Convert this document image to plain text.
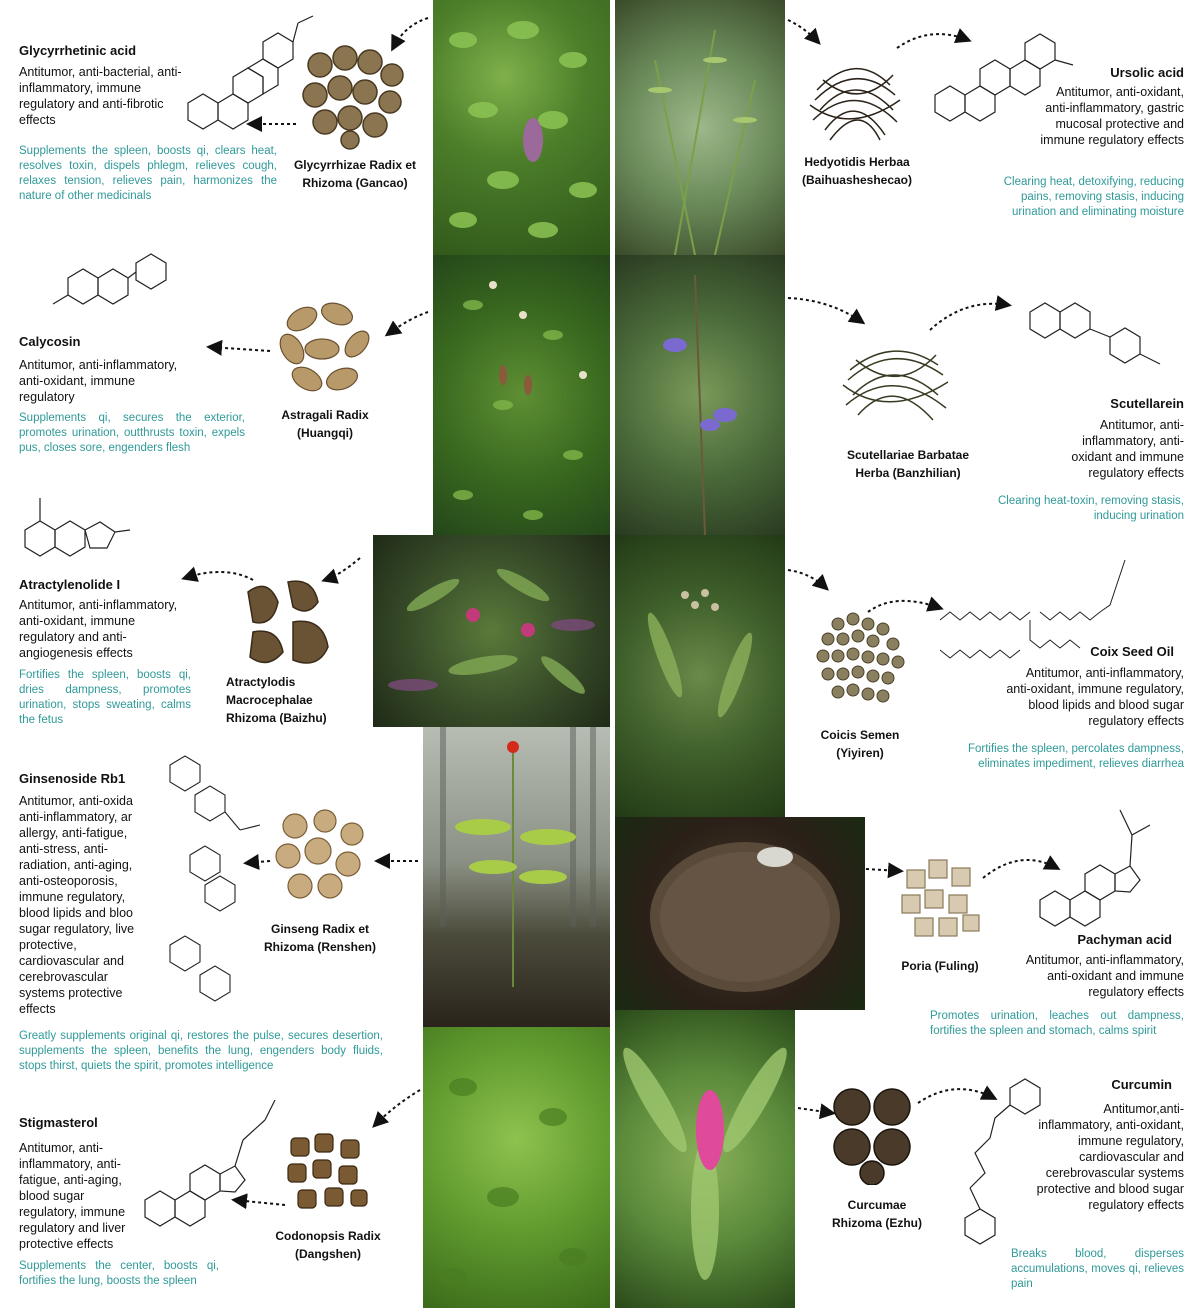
Glycyrrhetinic acid
Antitumor, anti-bacterial, anti-inflammatory, immune regulatory and anti-fibrotic effects
Supplements the spleen, boosts qi, clears heat, resolves toxin, dispels phlegm, relieves cough, relaxes tension, relieves pain, harmonizes the nature of other medicinals
Glycyrrhizae Radix et
Rhizoma (Gancao)
Calycosin
Antitumor, anti-inflammatory, anti-oxidant, immune regulatory
Supplements qi, secures the exterior, promotes urination, outthrusts toxin, expels pus, closes sore, engenders flesh
Astragali Radix
(Huangqi)
Atractylenolide I
Antitumor, anti-inflammatory, anti-oxidant, immune regulatory and anti-angiogenesis effects
Fortifies the spleen, boosts qi, dries dampness, promotes urination, stops sweating, calms the fetus
Atractylodis
Macrocephalae
Rhizoma (Baizhu)
Ginsenoside Rb1
Antitumor, anti-oxida anti-inflammatory, ar allergy, anti-fatigue, anti-stress, anti-radiation, anti-aging, anti-osteoporosis, immune regulatory, blood lipids and bloo sugar regulatory, live protective, cardiovascular and cerebrovascular systems protective effects
Greatly supplements original qi, restores the pulse, secures desertion, supplements the spleen, benefits the lung, engenders body fluids, stops thirst, quiets the spirit, promotes intelligence
Ginseng Radix et
Rhizoma (Renshen)
Stigmasterol
Antitumor, anti-inflammatory, anti-fatigue, anti-aging, blood sugar regulatory, immune regulatory and liver protective effects
Supplements the center, boosts qi, fortifies the lung, boosts the spleen
Codonopsis Radix
(Dangshen)
Ursolic acid
Antitumor, anti-oxidant, anti-inflammatory, gastric mucosal protective and immune regulatory effects
Clearing heat, detoxifying, reducing pains, removing stasis, inducing urination and eliminating moisture
Hedyotidis Herbaa
(Baihuasheshecao)
Scutellarein
Antitumor, anti-inflammatory, anti-oxidant and immune regulatory effects
Clearing heat-toxin, removing stasis, inducing urination
Scutellariae Barbatae
Herba (Banzhilian)
Coix Seed Oil
Antitumor, anti-inflammatory, anti-oxidant, immune regulatory, blood lipids and blood sugar regulatory effects
Fortifies the spleen, percolates dampness, eliminates impediment, relieves diarrhea
Coicis Semen
(Yiyiren)
Pachyman acid
Antitumor, anti-inflammatory, anti-oxidant and immune regulatory effects
Promotes urination, leaches out dampness, fortifies the spleen and stomach, calms spirit
Poria (Fuling)
Curcumin
Antitumor,anti-inflammatory, anti-oxidant, immune regulatory, cardiovascular and cerebrovascular systems protective and blood sugar regulatory effects
Breaks blood, disperses accumulations, moves qi, relieves pain
Curcumae
Rhizoma (Ezhu)
